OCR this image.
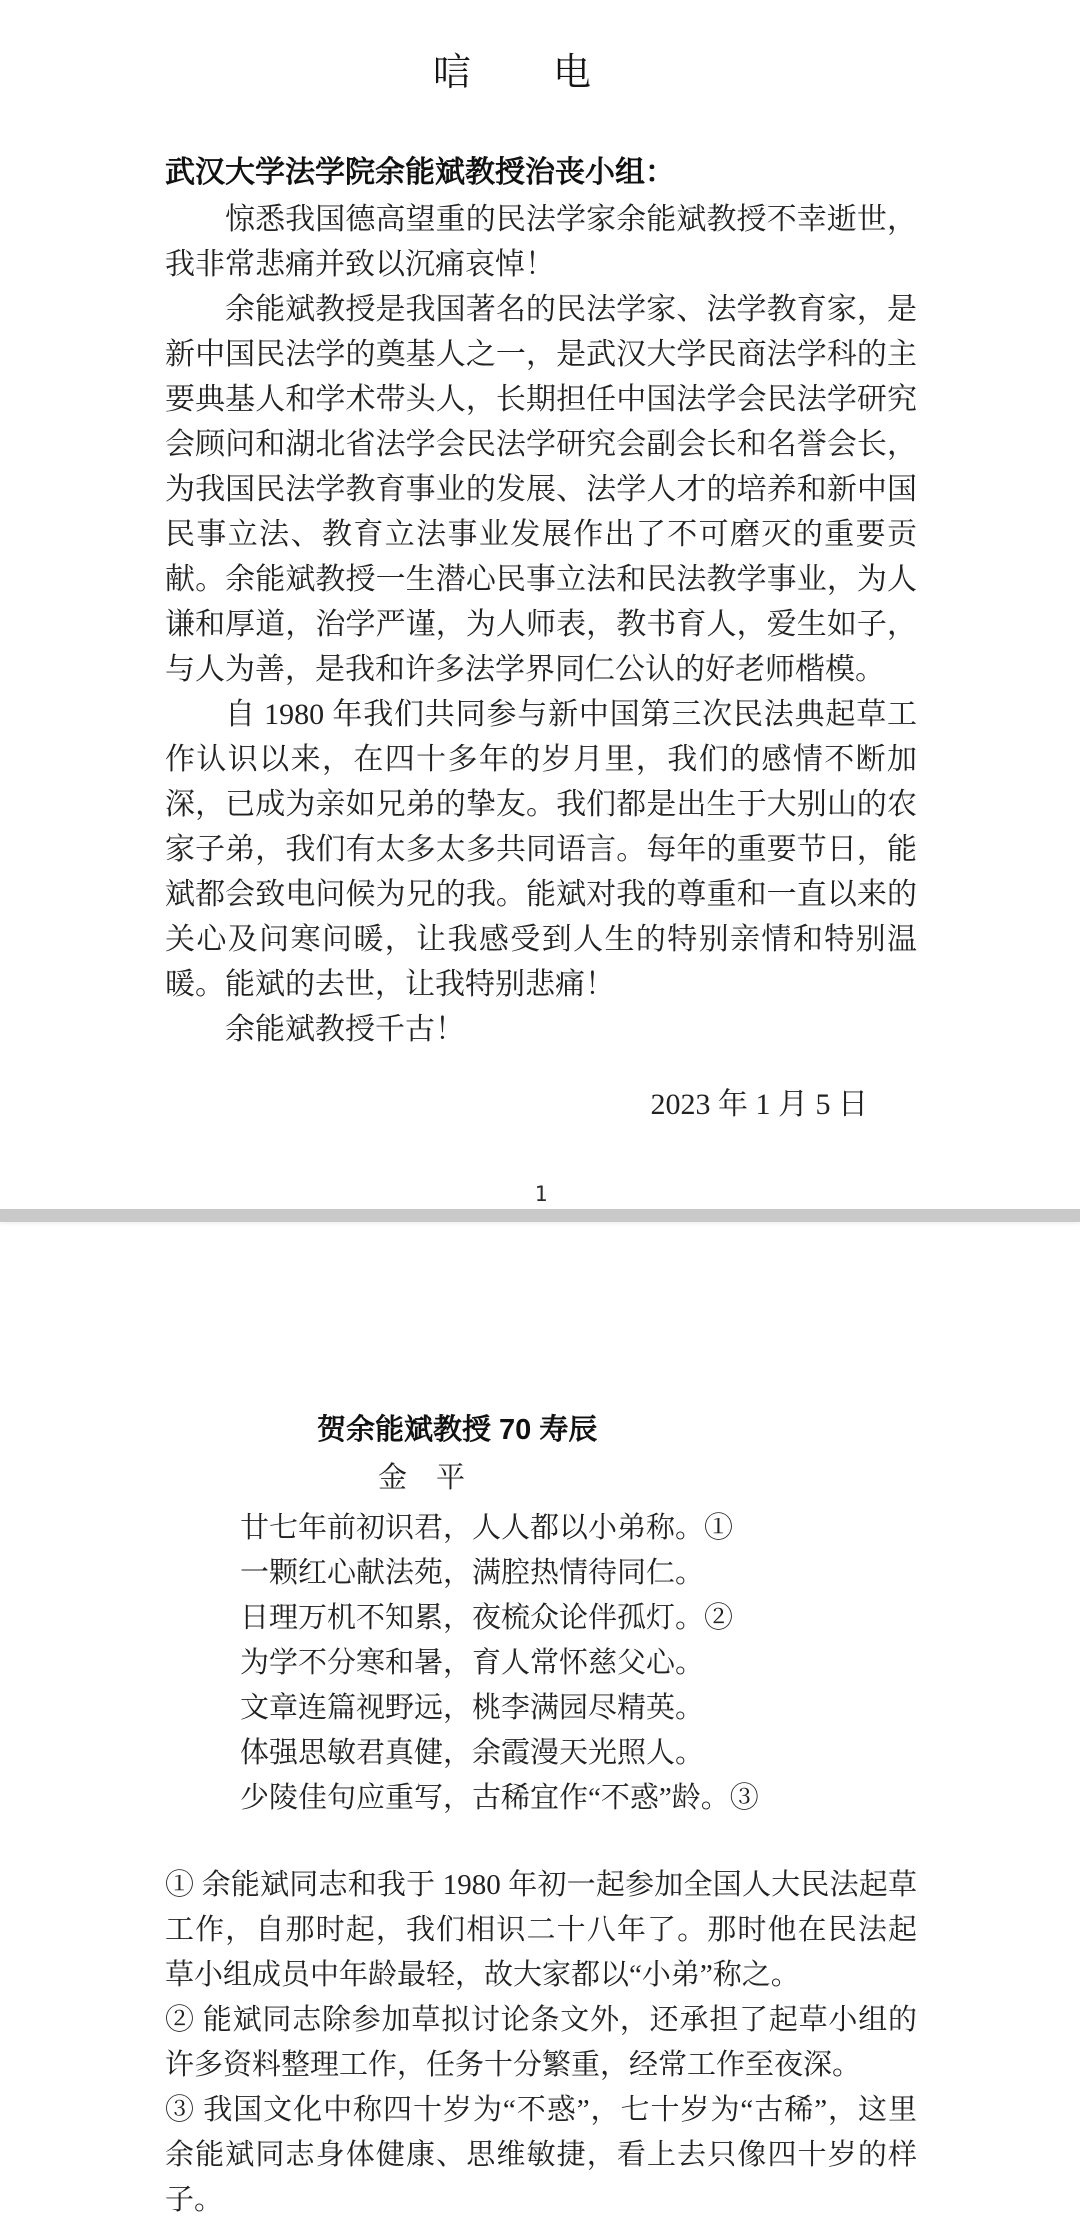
唁　　电
武汉大学法学院余能斌教授治丧小组：

惊悉我国德高望重的民法学家余能斌教授不幸逝世，我非常悲痛并致以沉痛哀悼！

余能斌教授是我国著名的民法学家、法学教育家，是新中国民法学的奠基人之一，是武汉大学民商法学科的主要典基人和学术带头人，长期担任中国法学会民法学研究会顾问和湖北省法学会民法学研究会副会长和名誉会长，为我国民法学教育事业的发展、法学人才的培养和新中国民事立法、教育立法事业发展作出了不可磨灭的重要贡献。余能斌教授一生潜心民事立法和民法教学事业，为人谦和厚道，治学严谨，为人师表，教书育人，爱生如子，与人为善，是我和许多法学界同仁公认的好老师楷模。

自 1980 年我们共同参与新中国第三次民法典起草工作认识以来，在四十多年的岁月里，我们的感情不断加深，已成为亲如兄弟的挚友。我们都是出生于大别山的农家子弟，我们有太多太多共同语言。每年的重要节日，能斌都会致电问候为兄的我。能斌对我的尊重和一直以来的关心及问寒问暖，让我感受到人生的特别亲情和特别温暖。能斌的去世，让我特别悲痛！

余能斌教授千古！

2023 年 1 月 5 日
1
贺余能斌教授 70 寿辰
金　平
廿七年前初识君，人人都以小弟称。①
一颗红心献法苑，满腔热情待同仁。
日理万机不知累，夜梳众论伴孤灯。②
为学不分寒和暑，育人常怀慈父心。
文章连篇视野远，桃李满园尽精英。
体强思敏君真健，余霞漫天光照人。
少陵佳句应重写，古稀宜作“不惑”龄。③

① 余能斌同志和我于 1980 年初一起参加全国人大民法起草工作，自那时起，我们相识二十八年了。那时他在民法起草小组成员中年龄最轻，故大家都以“小弟”称之。

② 能斌同志除参加草拟讨论条文外，还承担了起草小组的许多资料整理工作，任务十分繁重，经常工作至夜深。

③ 我国文化中称四十岁为“不惑”，七十岁为“古稀”，这里余能斌同志身体健康、思维敏捷，看上去只像四十岁的样子。
